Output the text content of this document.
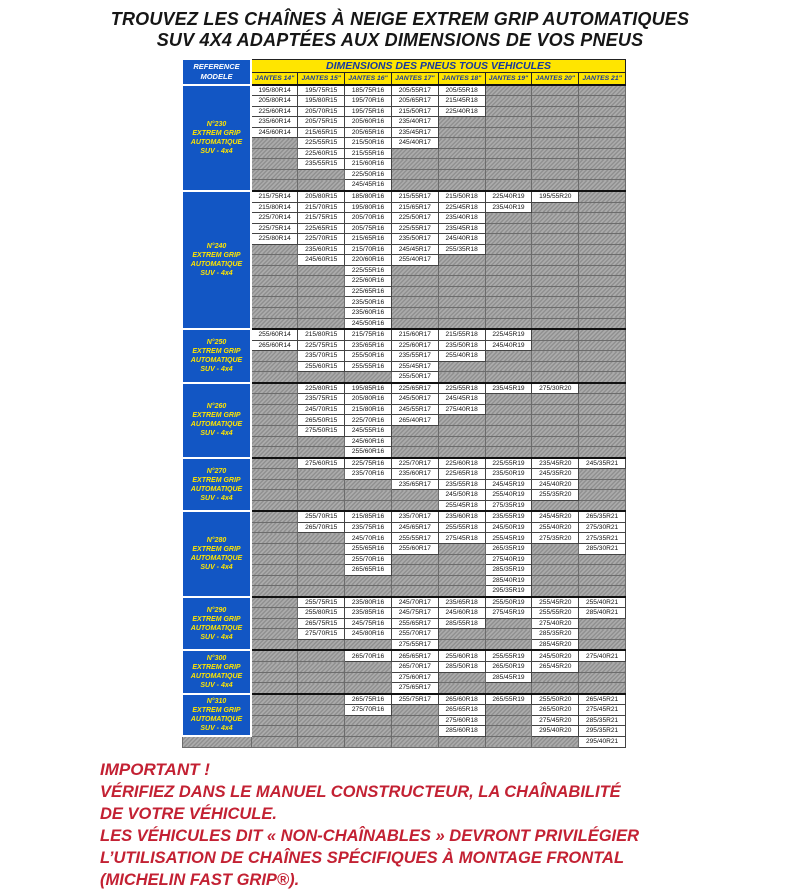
TROUVEZ LES CHAÎNES À NEIGE EXTREM GRIP AUTOMATIQUES
SUV 4X4 ADAPTÉES AUX DIMENSIONS DE VOS PNEUS
REFERENCE
MODELE	DIMENSIONS DES PNEUS TOUS VEHICULES							
	JANTES 14"	JANTES 15"	JANTES 16"	JANTES 17"	JANTES 18"	JANTES 19"	JANTES 20"	JANTES 21"

N°230
EXTREM GRIP
AUTOMATIQUE
SUV - 4x4	195/80R14	195/75R15	185/75R16	205/55R17	205/55R18			
	205/80R14	195/80R15	195/70R16	205/65R17	215/45R18			
	225/60R14	205/70R15	195/75R16	215/50R17	225/40R18			
	235/60R14	205/75R15	205/60R16	235/40R17				
	245/60R14	215/65R15	205/65R16	235/45R17				
		225/55R15	215/50R16	245/40R17				
		225/60R15	215/55R16					
		235/55R15	215/60R16					
			225/50R16					
			245/45R16					

N°240
EXTREM GRIP
AUTOMATIQUE
SUV - 4x4	215/75R14	205/80R15	185/80R16	215/55R17	215/50R18	225/40R19	195/55R20	
	215/80R14	215/70R15	195/80R16	215/65R17	225/45R18	235/40R19		
	225/70R14	215/75R15	205/70R16	225/50R17	235/40R18			
	225/75R14	225/65R15	205/75R16	225/55R17	235/45R18			
	225/80R14	225/70R15	215/65R16	235/50R17	245/40R18			
		235/60R15	215/70R16	245/45R17	255/35R18			
		245/60R15	220/60R16	255/40R17				
			225/55R16					
			225/60R16					
			225/65R16					
			235/50R16					
			235/60R16					
			245/50R16					

N°250
EXTREM GRIP
AUTOMATIQUE
SUV - 4x4	255/60R14	215/80R15	215/75R16	215/60R17	215/55R18	225/45R19		
	265/60R14	225/75R15	235/65R16	225/60R17	235/50R18	245/40R19		
		235/70R15	255/50R16	235/55R17	255/40R18			
		255/60R15	255/55R16	255/45R17				
				255/50R17				

N°260
EXTREM GRIP
AUTOMATIQUE
SUV - 4x4		225/80R15	195/85R16	225/65R17	225/55R18	235/45R19	275/30R20	
		235/75R15	205/80R16	245/50R17	245/45R18			
		245/70R15	215/80R16	245/55R17	275/40R18			
		265/50R15	225/70R16	265/40R17				
		275/50R15	245/55R16					
			245/60R16					
			255/60R16					

N°270
EXTREM GRIP
AUTOMATIQUE
SUV - 4x4		275/60R15	225/75R16	225/70R17	225/60R18	225/55R19	235/45R20	245/35R21
			235/70R16	235/60R17	225/65R18	235/50R19	245/35R20	
				235/65R17	235/55R18	245/45R19	245/40R20	
					245/50R18	255/40R19	255/35R20	
					255/45R18	275/35R19		

N°280
EXTREM GRIP
AUTOMATIQUE
SUV - 4x4		255/70R15	215/85R16	235/70R17	235/60R18	235/55R19	245/45R20	265/35R21
		265/70R15	235/75R16	245/65R17	255/55R18	245/50R19	255/40R20	275/30R21
			245/70R16	255/55R17	275/45R18	255/45R19	275/35R20	275/35R21
			255/65R16	255/60R17		265/35R19		285/30R21
			255/70R16			275/40R19		
			265/65R16			285/35R19		
						285/40R19		
						295/35R19		

N°290
EXTREM GRIP
AUTOMATIQUE
SUV - 4x4		255/75R15	235/80R16	245/70R17	235/65R18	255/50R19	255/45R20	255/40R21
		255/80R15	235/85R16	245/75R17	245/60R18	275/45R19	255/55R20	285/40R21
		265/75R15	245/75R16	255/65R17	285/55R18		275/40R20	
		275/70R15	245/80R16	255/70R17			285/35R20	
				275/55R17			285/45R20	

N°300
EXTREM GRIP
AUTOMATIQUE
SUV - 4x4			265/70R16	265/65R17	255/60R18	255/55R19	245/50R20	275/40R21
				265/70R17	285/50R18	265/50R19	265/45R20	
				275/60R17		285/45R19		
				275/65R17				

N°310
EXTREM GRIP
AUTOMATIQUE
SUV - 4x4			265/75R16	255/75R17	265/60R18	265/55R19	255/50R20	265/45R21
			275/70R16		265/65R18		265/50R20	275/45R21
					275/60R18		275/45R20	285/35R21
					285/60R18		295/40R20	295/35R21
								295/40R21
IMPORTANT !
VÉRIFIEZ DANS LE MANUEL CONSTRUCTEUR, LA CHAÎNABILITÉ
DE VOTRE VÉHICULE.
LES VÉHICULES DIT « NON-CHAÎNABLES » DEVRONT PRIVILÉGIER
L’UTILISATION DE CHAÎNES SPÉCIFIQUES À MONTAGE FRONTAL
(MICHELIN FAST GRIP®).
